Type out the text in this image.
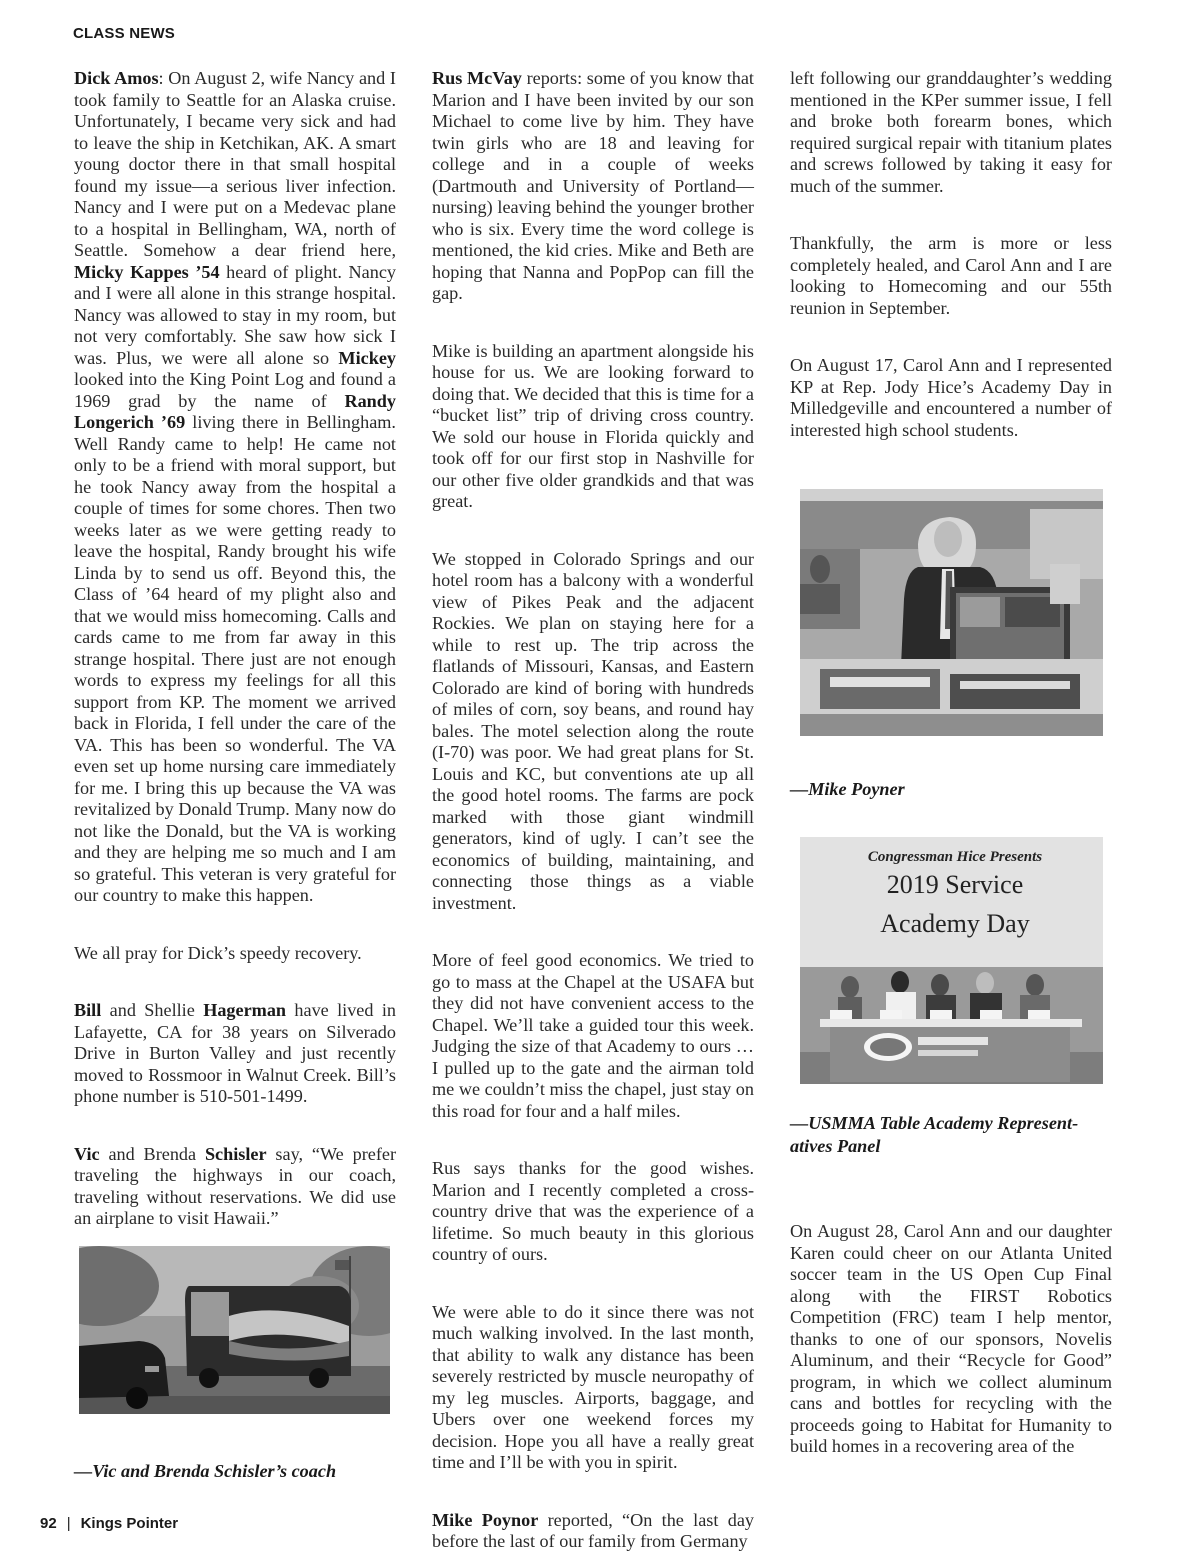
CLASS NEWS

Dick Amos: On August 2, wife Nancy and I took family to Seattle for an Alaska cruise. Unfortunately, I became very sick and had to leave the ship in Ketchikan, AK. A smart young doctor there in that small hospital found my issue—a serious liver infection. Nancy and I were put on a Medevac plane to a hospital in Bellingham, WA, north of Seattle. Somehow a dear friend here, Micky Kappes ’54 heard of plight. Nancy and I were all alone in this strange hospital. Nancy was allowed to stay in my room, but not very comfortably. She saw how sick I was. Plus, we were all alone so Mickey looked into the King Point Log and found a 1969 grad by the name of Randy Longerich ’69 living there in Bellingham. Well Randy came to help! He came not only to be a friend with moral support, but he took Nancy away from the hospital a couple of times for some chores. Then two weeks later as we were getting ready to leave the hospital, Randy brought his wife Linda by to send us off. Beyond this, the Class of ’64 heard of my plight also and that we would miss homecoming. Calls and cards came to me from far away in this strange hospital. There just are not enough words to express my feelings for all this support from KP. The moment we arrived back in Florida, I fell under the care of the VA. This has been so wonderful. The VA even set up home nursing care immediately for me. I bring this up because the VA was revitalized by Donald Trump. Many now do not like the Donald, but the VA is working and they are helping me so much and I am so grateful. This veteran is very grateful for our country to make this happen.

We all pray for Dick’s speedy recovery.

Bill and Shellie Hagerman have lived in Lafayette, CA for 38 years on Silverado Drive in Burton Valley and just recently moved to Rossmoor in Walnut Creek. Bill’s phone number is 510-501-1499.

Vic and Brenda Schisler say, “We prefer traveling the highways in our coach, traveling without reservations. We did use an airplane to visit Hawaii.”

—Vic and Brenda Schisler’s coach

Rus McVay reports: some of you know that Marion and I have been invited by our son Michael to come live by him. They have twin girls who are 18 and leaving for college and in a couple of weeks (Dartmouth and University of Portland—nursing) leaving behind the younger brother who is six. Every time the word college is mentioned, the kid cries. Mike and Beth are hoping that Nanna and PopPop can fill the gap.

Mike is building an apartment alongside his house for us. We are looking forward to doing that. We decided that this is time for a “bucket list” trip of driving cross country. We sold our house in Florida quickly and took off for our first stop in Nashville for our other five older grandkids and that was great.

We stopped in Colorado Springs and our hotel room has a balcony with a wonderful view of Pikes Peak and the adjacent Rockies. We plan on staying here for a while to rest up. The trip across the flatlands of Missouri, Kansas, and Eastern Colorado are kind of boring with hundreds of miles of corn, soy beans, and round hay bales. The motel selection along the route (I-70) was poor. We had great plans for St. Louis and KC, but conventions ate up all the good hotel rooms. The farms are pock marked with those giant windmill generators, kind of ugly. I can’t see the economics of building, maintaining, and connecting those things as a viable investment.

More of feel good economics. We tried to go to mass at the Chapel at the USAFA but they did not have convenient access to the Chapel. We’ll take a guided tour this week. Judging the size of that Academy to ours … I pulled up to the gate and the airman told me we couldn’t miss the chapel, just stay on this road for four and a half miles.

Rus says thanks for the good wishes. Marion and I recently completed a cross-country drive that was the experience of a lifetime. So much beauty in this glorious country of ours.

We were able to do it since there was not much walking involved. In the last month, that ability to walk any distance has been severely restricted by muscle neuropathy of my leg muscles. Airports, baggage, and Ubers over one weekend forces my decision. Hope you all have a really great time and I’ll be with you in spirit.

Mike Poynor reported, “On the last day before the last of our family from Germany

left following our granddaughter’s wedding mentioned in the KPer summer issue, I fell and broke both forearm bones, which required surgical repair with titanium plates and screws followed by taking it easy for much of the summer.

Thankfully, the arm is more or less completely healed, and Carol Ann and I are looking to Homecoming and our 55th reunion in September.

On August 17, Carol Ann and I represented KP at Rep. Jody Hice’s Academy Day in Milledgeville and encountered a number of interested high school students.

—Mike Poyner
Congressman Hice Presents
2019 Service
Academy Day
—USMMA Table Academy Represent-
atives Panel

On August 28, Carol Ann and our daughter Karen could cheer on our Atlanta United soccer team in the US Open Cup Final along with the FIRST Robotics Competition (FRC) team I help mentor, thanks to one of our sponsors, Novelis Aluminum, and their “Recycle for Good” program, in which we collect aluminum cans and bottles for recycling with the proceeds going to Habitat for Humanity to build homes in a recovering area of the

92 | Kings Pointer
